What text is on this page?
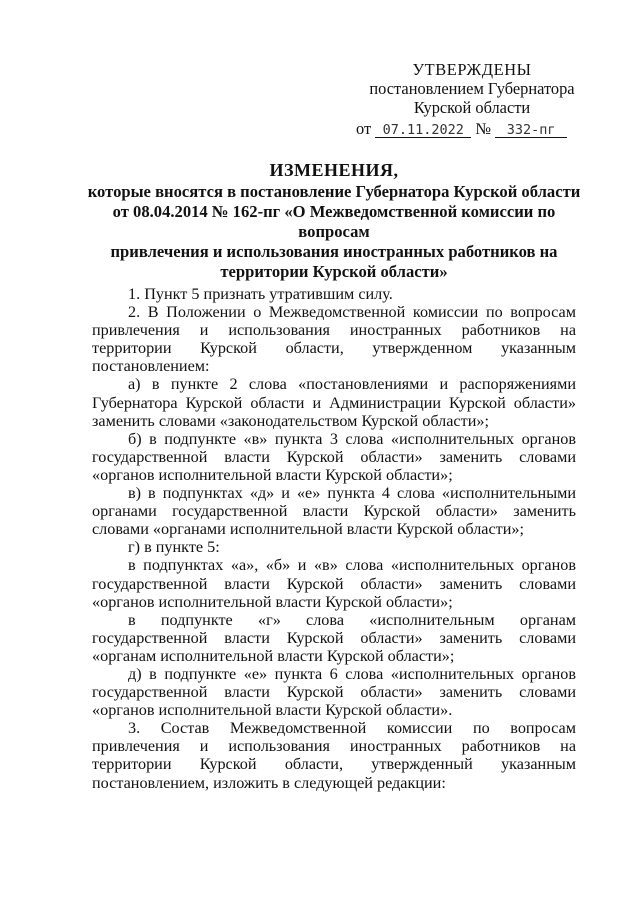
УТВЕРЖДЕНЫ
постановлением Губернатора
Курской области
от 07.11.2022 № 332-пг
ИЗМЕНЕНИЯ,
которые вносятся в постановление Губернатора Курской области
от 08.04.2014 № 162-пг «О Межведомственной комиссии по вопросам
привлечения и использования иностранных работников на
территории Курской области»

1. Пункт 5 признать утратившим силу.

2. В Положении о Межведомственной комиссии по вопросам привлечения и использования иностранных работников на территории Курской области, утвержденном указанным постановлением:

а) в пункте 2 слова «постановлениями и распоряжениями Губернатора Курской области и Администрации Курской области» заменить словами «законодательством Курской области»;

б) в подпункте «в» пункта 3 слова «исполнительных органов государственной власти Курской области» заменить словами «органов исполнительной власти Курской области»;

в) в подпунктах «д» и «е» пункта 4 слова «исполнительными органами государственной власти Курской области» заменить словами «органами исполнительной власти Курской области»;

г) в пункте 5:

в подпунктах «а», «б» и «в» слова «исполнительных органов государственной власти Курской области» заменить словами «органов исполнительной власти Курской области»;

в подпункте «г» слова «исполнительным органам государственной власти Курской области» заменить словами «органам исполнительной власти Курской области»;

д) в подпункте «е» пункта 6 слова «исполнительных органов государственной власти Курской области» заменить словами «органов исполнительной власти Курской области».

3. Состав Межведомственной комиссии по вопросам привлечения и использования иностранных работников на территории Курской области, утвержденный указанным постановлением, изложить в следующей редакции:
